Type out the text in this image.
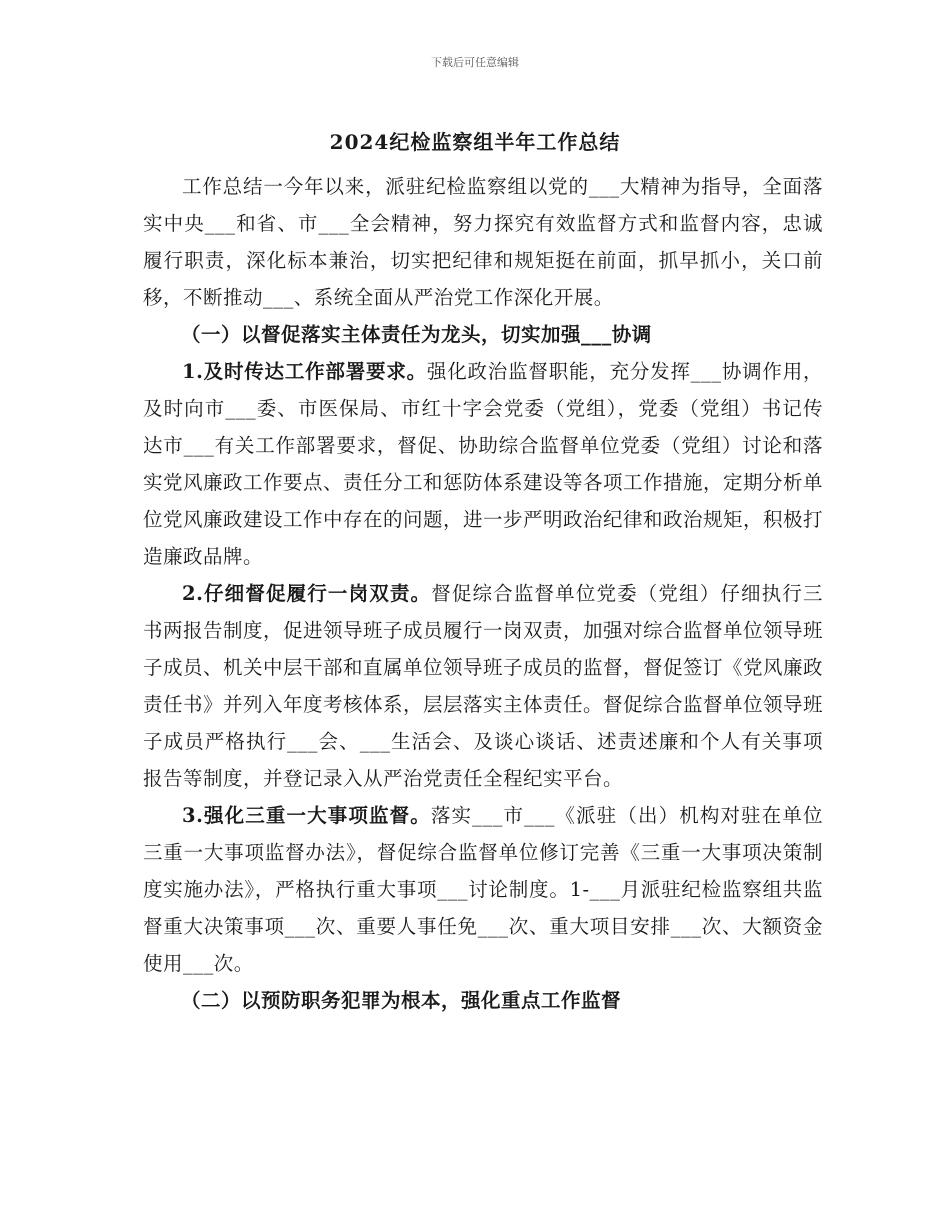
下载后可任意编辑
2024纪检监察组半年工作总结

工作总结一今年以来，派驻纪检监察组以党的___大精神为指导，全面落实中央___和省、市___全会精神，努力探究有效监督方式和监督内容，忠诚履行职责，深化标本兼治，切实把纪律和规矩挺在前面，抓早抓小，关口前移，不断推动___、系统全面从严治党工作深化开展。

（一）以督促落实主体责任为龙头，切实加强___协调

1.及时传达工作部署要求。强化政治监督职能，充分发挥___协调作用，及时向市___委、市医保局、市红十字会党委（党组），党委（党组）书记传达市___有关工作部署要求，督促、协助综合监督单位党委（党组）讨论和落实党风廉政工作要点、责任分工和惩防体系建设等各项工作措施，定期分析单位党风廉政建设工作中存在的问题，进一步严明政治纪律和政治规矩，积极打造廉政品牌。

2.仔细督促履行一岗双责。督促综合监督单位党委（党组）仔细执行三书两报告制度，促进领导班子成员履行一岗双责，加强对综合监督单位领导班子成员、机关中层干部和直属单位领导班子成员的监督，督促签订《党风廉政责任书》并列入年度考核体系，层层落实主体责任。督促综合监督单位领导班子成员严格执行___会、___生活会、及谈心谈话、述责述廉和个人有关事项报告等制度，并登记录入从严治党责任全程纪实平台。

3.强化三重一大事项监督。落实___市___《派驻（出）机构对驻在单位三重一大事项监督办法》，督促综合监督单位修订完善《三重一大事项决策制度实施办法》，严格执行重大事项___讨论制度。1-___月派驻纪检监察组共监督重大决策事项___次、重要人事任免___次、重大项目安排___次、大额资金使用___次。

（二）以预防职务犯罪为根本，强化重点工作监督
